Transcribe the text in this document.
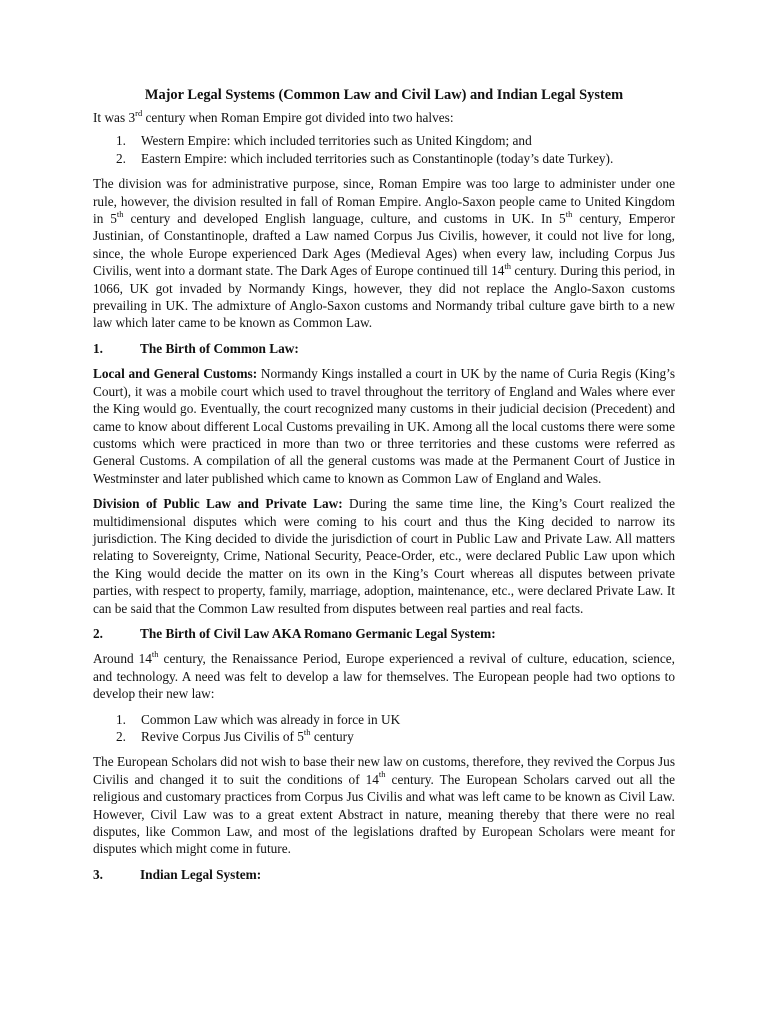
Major Legal Systems (Common Law and Civil Law) and Indian Legal System

It was 3rd century when Roman Empire got divided into two halves:

1.	Western Empire: which included territories such as United Kingdom; and
2.	Eastern Empire: which included territories such as Constantinople (today’s date Turkey).

The division was for administrative purpose, since, Roman Empire was too large to administer under one rule, however, the division resulted in fall of Roman Empire. Anglo-Saxon people came to United Kingdom in 5th century and developed English language, culture, and customs in UK. In 5th century, Emperor Justinian, of Constantinople, drafted a Law named Corpus Jus Civilis, however, it could not live for long, since, the whole Europe experienced Dark Ages (Medieval Ages) when every law, including Corpus Jus Civilis, went into a dormant state. The Dark Ages of Europe continued till 14th century. During this period, in 1066, UK got invaded by Normandy Kings, however, they did not replace the Anglo-Saxon customs prevailing in UK. The admixture of Anglo-Saxon customs and Normandy tribal culture gave birth to a new law which later came to be known as Common Law.

1.	The Birth of Common Law:

Local and General Customs: Normandy Kings installed a court in UK by the name of Curia Regis (King’s Court), it was a mobile court which used to travel throughout the territory of England and Wales where ever the King would go. Eventually, the court recognized many customs in their judicial decision (Precedent) and came to know about different Local Customs prevailing in UK. Among all the local customs there were some customs which were practiced in more than two or three territories and these customs were referred as General Customs. A compilation of all the general customs was made at the Permanent Court of Justice in Westminster and later published which came to known as Common Law of England and Wales.

Division of Public Law and Private Law: During the same time line, the King’s Court realized the multidimensional disputes which were coming to his court and thus the King decided to narrow its jurisdiction. The King decided to divide the jurisdiction of court in Public Law and Private Law. All matters relating to Sovereignty, Crime, National Security, Peace-Order, etc., were declared Public Law upon which the King would decide the matter on its own in the King’s Court whereas all disputes between private parties, with respect to property, family, marriage, adoption, maintenance, etc., were declared Private Law. It can be said that the Common Law resulted from disputes between real parties and real facts.

2.	The Birth of Civil Law AKA Romano Germanic Legal System:

Around 14th century, the Renaissance Period, Europe experienced a revival of culture, education, science, and technology. A need was felt to develop a law for themselves. The European people had two options to develop their new law:

1.	Common Law which was already in force in UK
2.	Revive Corpus Jus Civilis of 5th century

The European Scholars did not wish to base their new law on customs, therefore, they revived the Corpus Jus Civilis and changed it to suit the conditions of 14th century. The European Scholars carved out all the religious and customary practices from Corpus Jus Civilis and what was left came to be known as Civil Law. However, Civil Law was to a great extent Abstract in nature, meaning thereby that there were no real disputes, like Common Law, and most of the legislations drafted by European Scholars were meant for disputes which might come in future.

3.	Indian Legal System:
